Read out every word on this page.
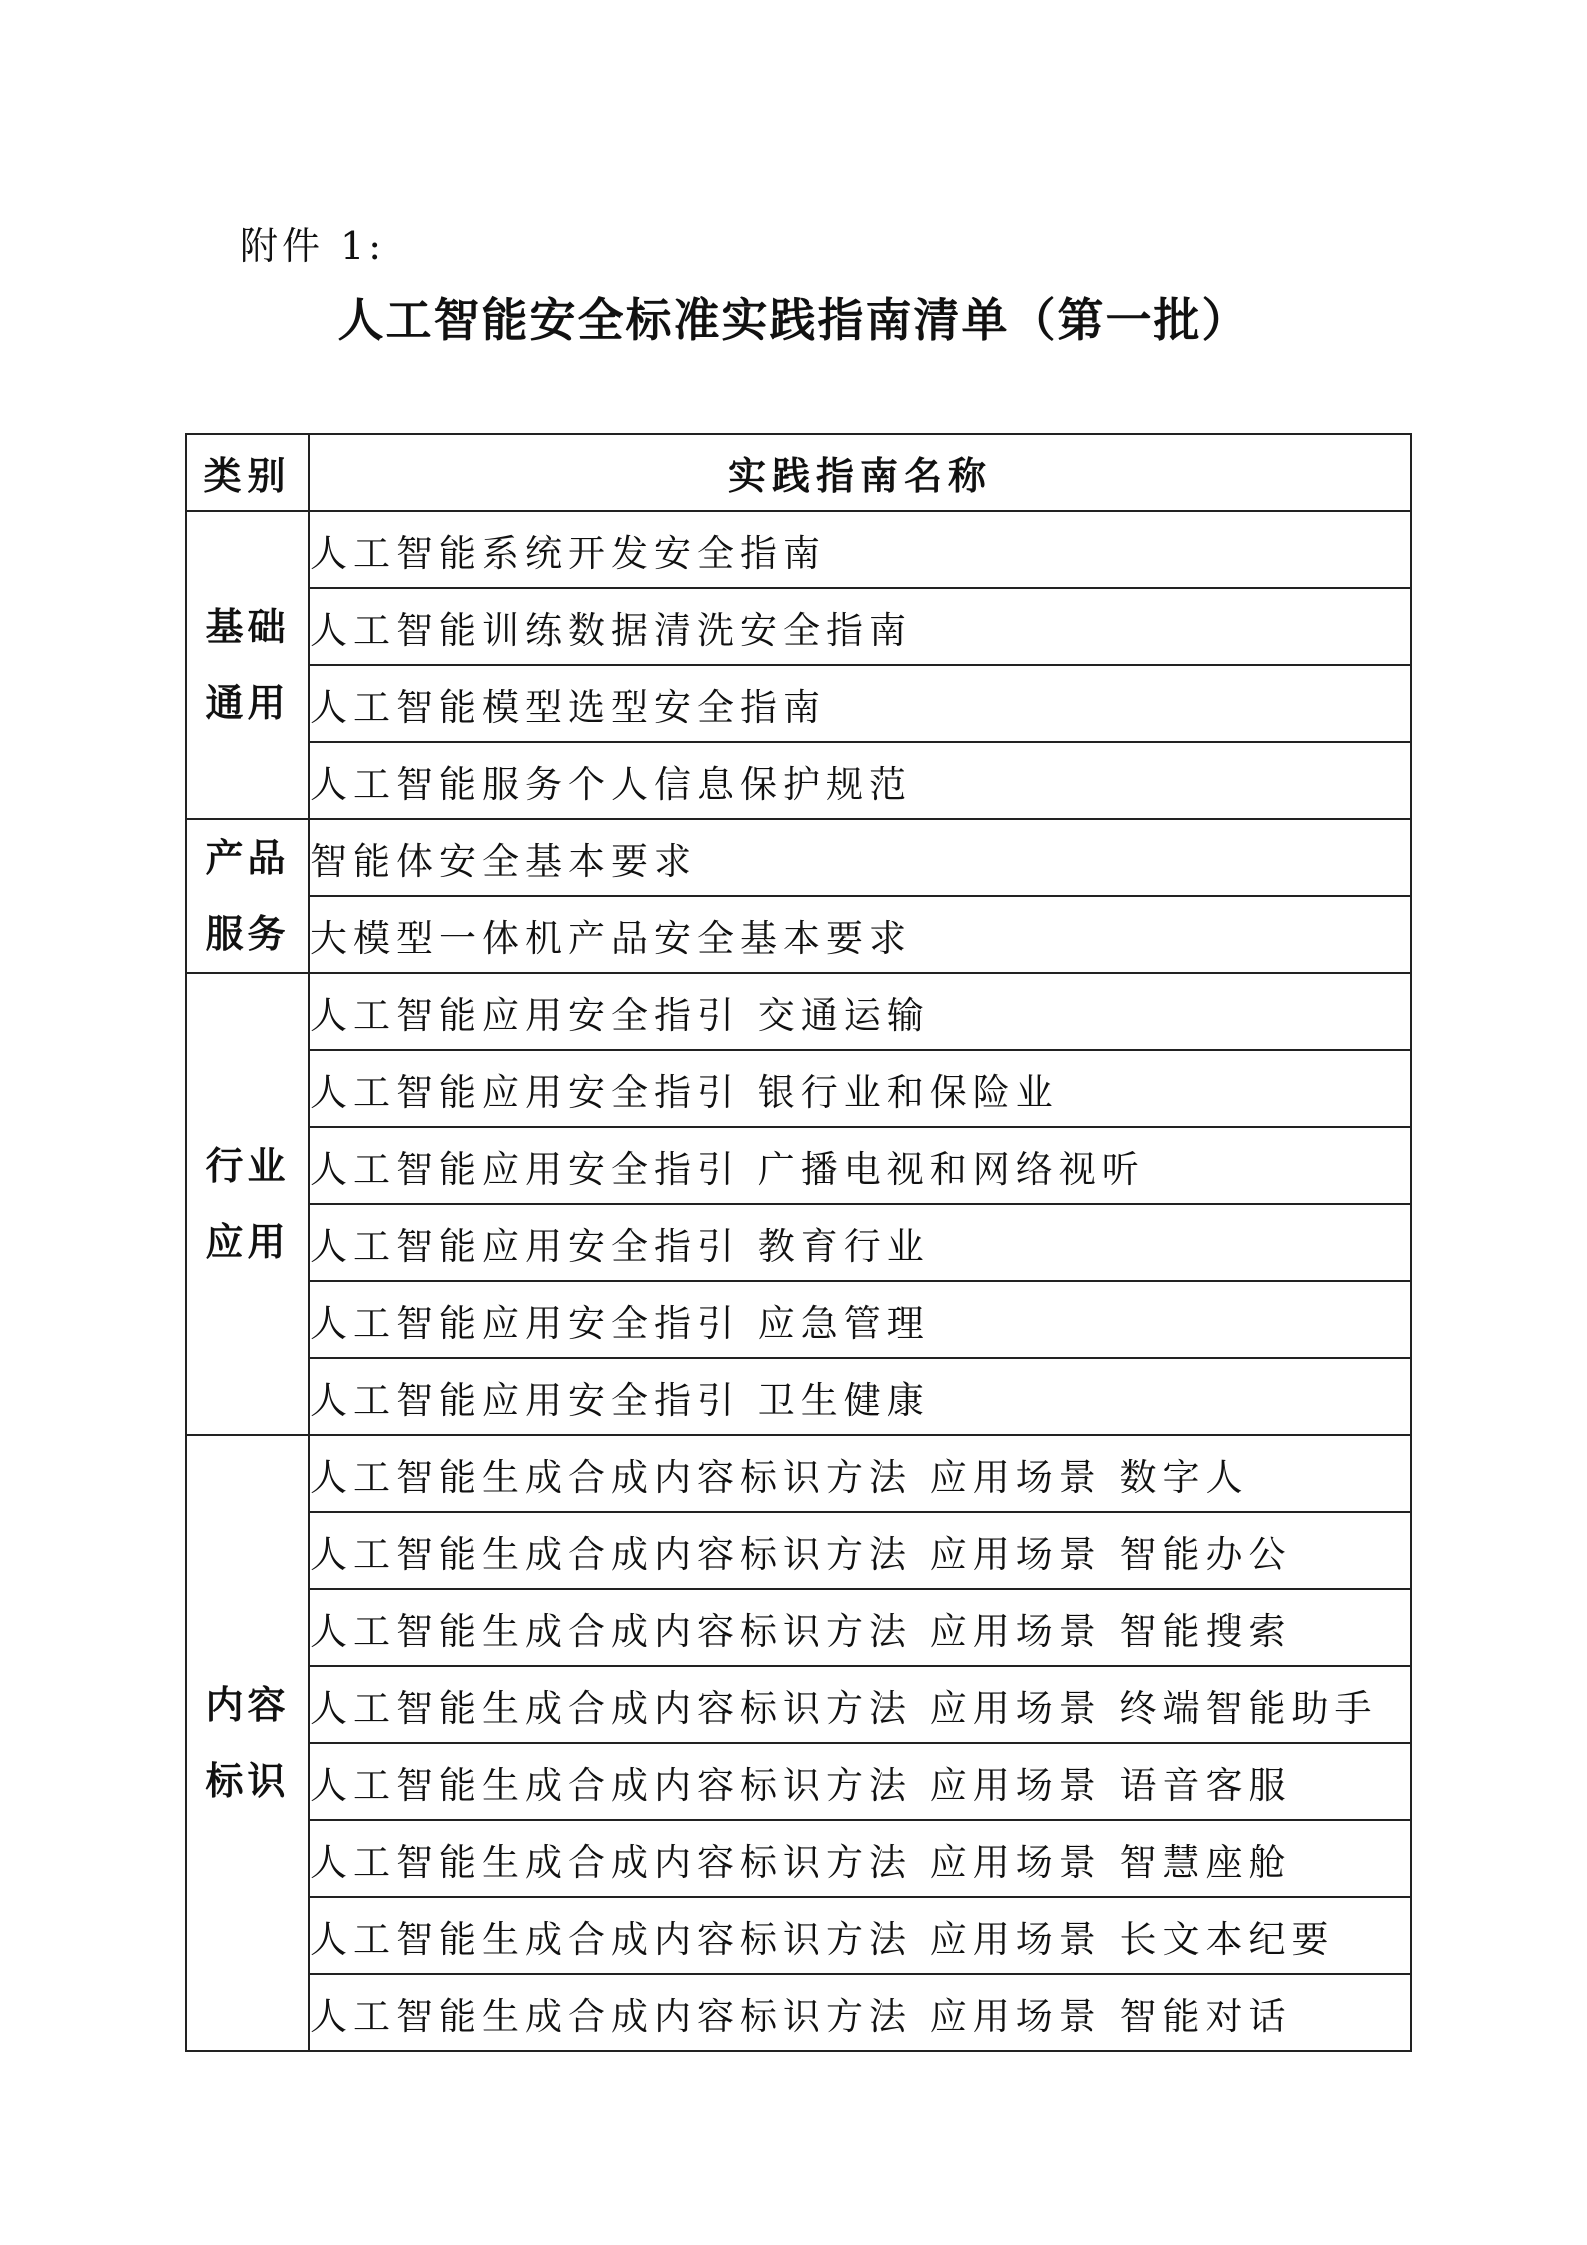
附件 1:
人工智能安全标准实践指南清单（第一批）
类别	实践指南名称

基础
通用	人工智能系统开发安全指南
	人工智能训练数据清洗安全指南
	人工智能模型选型安全指南
	人工智能服务个人信息保护规范

产品
服务	智能体安全基本要求
	大模型一体机产品安全基本要求

行业
应用	人工智能应用安全指引 交通运输
	人工智能应用安全指引 银行业和保险业
	人工智能应用安全指引 广播电视和网络视听
	人工智能应用安全指引 教育行业
	人工智能应用安全指引 应急管理
	人工智能应用安全指引 卫生健康

内容
标识	人工智能生成合成内容标识方法 应用场景 数字人
	人工智能生成合成内容标识方法 应用场景 智能办公
	人工智能生成合成内容标识方法 应用场景 智能搜索
	人工智能生成合成内容标识方法 应用场景 终端智能助手
	人工智能生成合成内容标识方法 应用场景 语音客服
	人工智能生成合成内容标识方法 应用场景 智慧座舱
	人工智能生成合成内容标识方法 应用场景 长文本纪要
	人工智能生成合成内容标识方法 应用场景 智能对话
